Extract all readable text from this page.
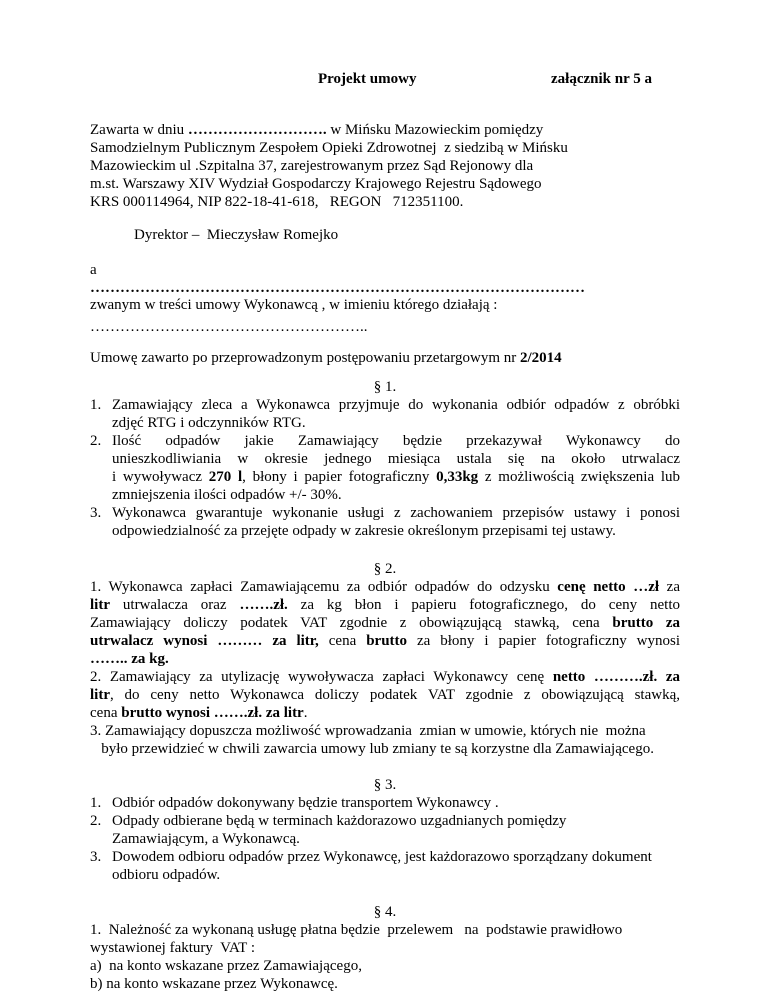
Projekt umowy	załącznik nr 5 a
Zawarta w dniu ………………………. w Mińsku Mazowieckim pomiędzy
Samodzielnym Publicznym Zespołem Opieki Zdrowotnej  z siedzibą w Mińsku
Mazowieckim ul .Szpitalna 37, zarejestrowanym przez Sąd Rejonowy dla
m.st. Warszawy XIV Wydział Gospodarczy Krajowego Rejestru Sądowego
KRS 000114964, NIP 822-18-41-618,   REGON   712351100.
Dyrektor –  Mieczysław Romejko
a
………………………………………………………………………………………
zwanym w treści umowy Wykonawcą , w imieniu którego działają :
………………………………………………..
Umowę zawarto po przeprowadzonym postępowaniu przetargowym nr 2/2014
§ 1.
1. Zamawiający zleca a Wykonawca przyjmuje do wykonania odbiór odpadów z obróbki
zdjęć RTG i odczynników RTG.
2. Ilość odpadów jakie Zamawiający będzie przekazywał Wykonawcy do
unieszkodliwiania w okresie jednego miesiąca ustala się na około utrwalacz
i wywoływacz 270 l, błony i papier fotograficzny 0,33kg z możliwością zwiększenia lub
zmniejszenia ilości odpadów +/- 30%.
3. Wykonawca gwarantuje wykonanie usługi z zachowaniem przepisów ustawy i ponosi
odpowiedzialność za przejęte odpady w zakresie określonym przepisami tej ustawy.
§ 2.
1. Wykonawca zapłaci Zamawiającemu za odbiór odpadów do odzysku cenę netto …zł za
litr utrwalacza oraz …….zł. za kg błon i papieru fotograficznego, do ceny netto
Zamawiający doliczy podatek VAT zgodnie z obowiązującą stawką, cena brutto za
utrwalacz wynosi ……… za litr, cena brutto za błony i papier fotograficzny wynosi
…….. za kg.
2. Zamawiający za utylizację wywoływacza zapłaci Wykonawcy cenę netto ……….zł. za
litr, do ceny netto Wykonawca doliczy podatek VAT zgodnie z obowiązującą stawką,
cena brutto wynosi …….zł. za litr.
3. Zamawiający dopuszcza możliwość wprowadzania  zmian w umowie, których nie  można
było przewidzieć w chwili zawarcia umowy lub zmiany te są korzystne dla Zamawiającego.
§ 3.
1. Odbiór odpadów dokonywany będzie transportem Wykonawcy .
2. Odpady odbierane będą w terminach każdorazowo uzgadnianych pomiędzy
Zamawiającym, a Wykonawcą.
3. Dowodem odbioru odpadów przez Wykonawcę, jest każdorazowo sporządzany dokument
odbioru odpadów.
§ 4.
1.  Należność za wykonaną usługę płatna będzie  przelewem   na  podstawie prawidłowo
wystawionej faktury  VAT :
a)  na konto wskazane przez Zamawiającego,
b) na konto wskazane przez Wykonawcę.
